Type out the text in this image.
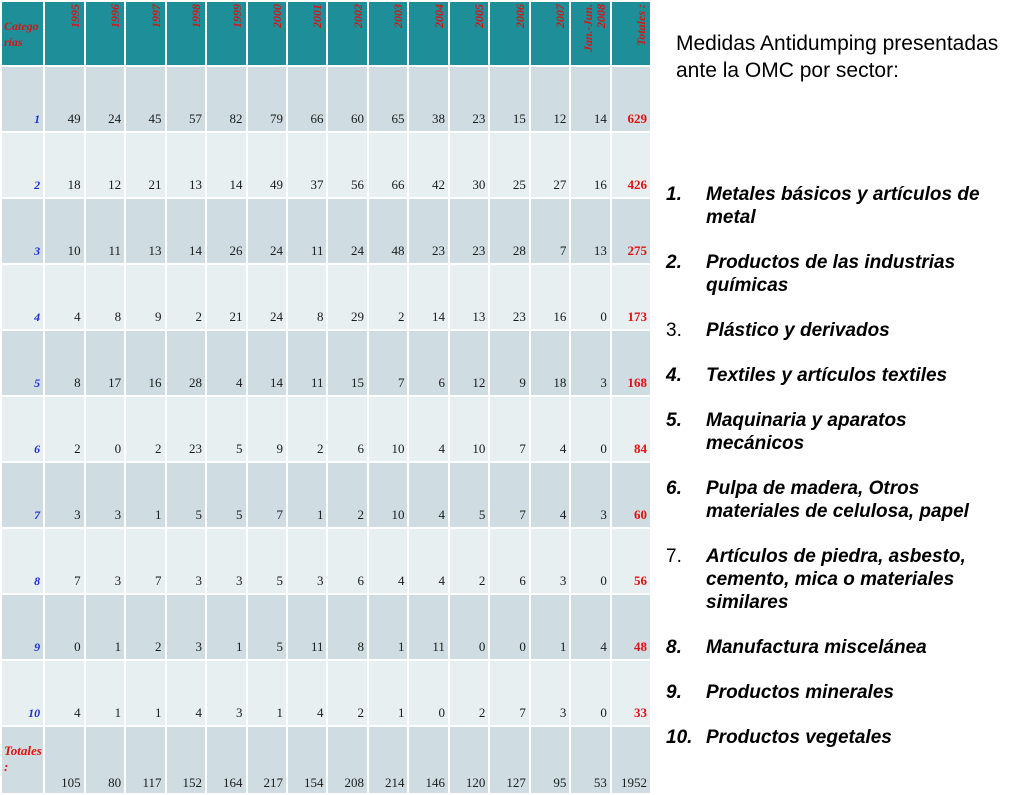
Categorías	1995	1996	1997	1998	1999	2000	2001	2002	2003	2004	2005	2006	2007	Jan.-Jun. 2008	Totales :

1	49	24	45	57	82	79	66	60	65	38	23	15	12	14	629
2	18	12	21	13	14	49	37	56	66	42	30	25	27	16	426
3	10	11	13	14	26	24	11	24	48	23	23	28	7	13	275
4	4	8	9	2	21	24	8	29	2	14	13	23	16	0	173
5	8	17	16	28	4	14	11	15	7	6	12	9	18	3	168
6	2	0	2	23	5	9	2	6	10	4	10	7	4	0	84
7	3	3	1	5	5	7	1	2	10	4	5	7	4	3	60
8	7	3	7	3	3	5	3	6	4	4	2	6	3	0	56
9	0	1	2	3	1	5	11	8	1	11	0	0	1	4	48
10	4	1	1	4	3	1	4	2	1	0	2	7	3	0	33
Totales :	105	80	117	152	164	217	154	208	214	146	120	127	95	53	1952

Medidas Antidumping presentadas ante la OMC por sector:

1.	Metales básicos y artículos de metal
2.	Productos de las industrias químicas
3.	Plástico y derivados
4.	Textiles y artículos textiles
5.	Maquinaria y aparatos mecánicos
6.	Pulpa de madera, Otros materiales de celulosa, papel
7.	Artículos de piedra, asbesto, cemento, mica o materiales similares
8.	Manufactura miscelánea
9.	Productos minerales
10. Productos vegetales
